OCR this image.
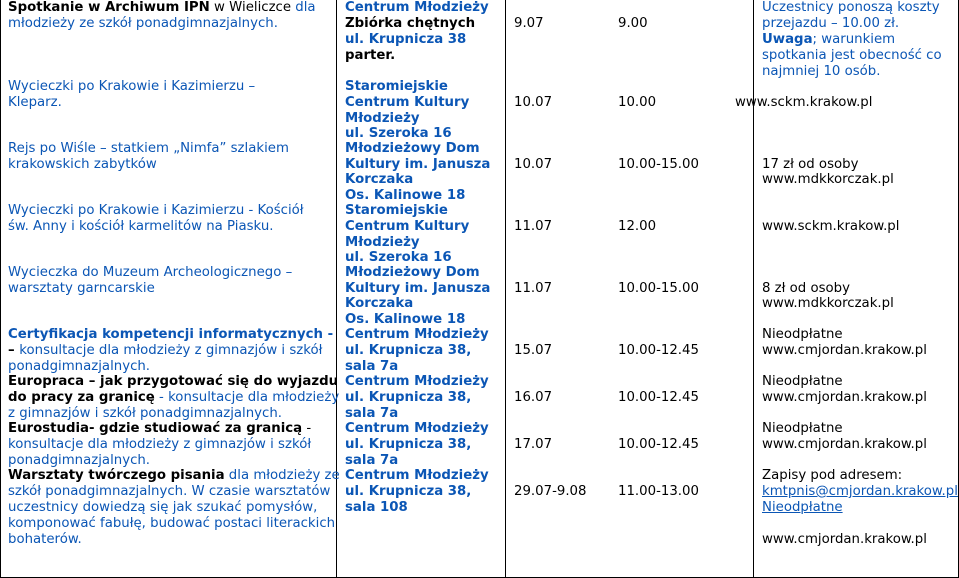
Spotkanie w Archiwum IPN w Wieliczce dla
młodzieży ze szkół ponadgimnazjalnych.
Wycieczki po Krakowie i Kazimierzu –
Kleparz.
Rejs po Wiśle – statkiem „Nimfa” szlakiem
krakowskich zabytków
Wycieczki po Krakowie i Kazimierzu - Kościół
św. Anny i kościół karmelitów na Piasku.
Wycieczka do Muzeum Archeologicznego –
warsztaty garncarskie
Certyfikacja kompetencji informatycznych -
– konsultacje dla młodzieży z gimnazjów i szkół
ponadgimnazjalnych.
Europraca – jak przygotować się do wyjazdu
do pracy za granicę - konsultacje dla młodzieży
z gimnazjów i szkół ponadgimnazjalnych.
Eurostudia- gdzie studiować za granicą -
konsultacje dla młodzieży z gimnazjów i szkół
ponadgimnazjalnych.
Warsztaty twórczego pisania dla młodzieży ze
szkół ponadgimnazjalnych. W czasie warsztatów
uczestnicy dowiedzą się jak szukać pomysłów,
komponować fabułę, budować postaci literackich
bohaterów.
Centrum Młodzieży
Zbiórka chętnych
ul. Krupnicza 38
parter.
Staromiejskie
Centrum Kultury
Młodzieży
ul. Szeroka 16
Młodzieżowy Dom
Kultury im. Janusza
Korczaka
Os. Kalinowe 18
Staromiejskie
Centrum Kultury
Młodzieży
ul. Szeroka 16
Młodzieżowy Dom
Kultury im. Janusza
Korczaka
Os. Kalinowe 18
Centrum Młodzieży
ul. Krupnicza 38,
sala 7a
Centrum Młodzieży
ul. Krupnicza 38,
sala 7a
Centrum Młodzieży
ul. Krupnicza 38,
sala 7a
Centrum Młodzieży
ul. Krupnicza 38,
sala 108
9.07
10.07
10.07
11.07
11.07
15.07
16.07
17.07
29.07-9.08
9.00
10.00
10.00-15.00
12.00
10.00-15.00
10.00-12.45
10.00-12.45
10.00-12.45
11.00-13.00
Uczestnicy ponoszą koszty
przejazdu – 10.00 zł.
Uwaga; warunkiem
spotkania jest obecność co
najmniej 10 osób.
www.sckm.krakow.pl
17 zł od osoby
www.mdkkorczak.pl
www.sckm.krakow.pl
8 zł od osoby
www.mdkkorczak.pl
Nieodpłatne
www.cmjordan.krakow.pl
Nieodpłatne
www.cmjordan.krakow.pl
Nieodpłatne
www.cmjordan.krakow.pl
Zapisy pod adresem:
kmtpnis@cmjordan.krakow.pl
Nieodpłatne
www.cmjordan.krakow.pl
